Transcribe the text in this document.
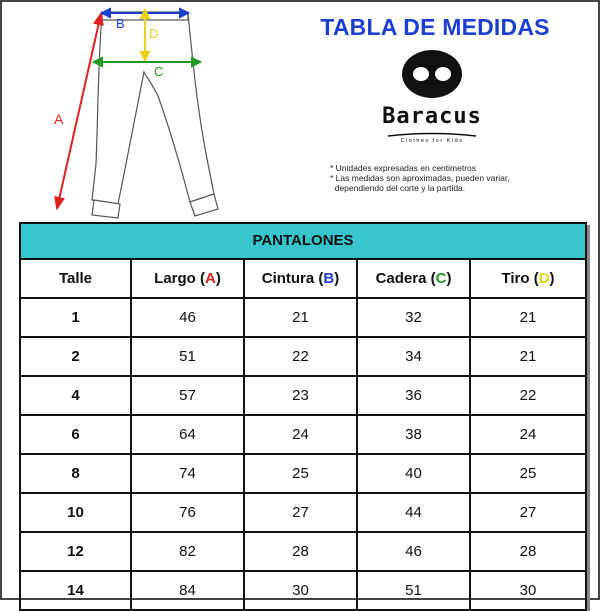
A
B
D
C
TABLA DE MEDIDAS
Baracus
Clothes for Kids
* Unidades expresadas en centimetros
* Las medidas son aproximadas, pueden variar,
dependiendo del corte y la partida.
PANTALONES
Talle	Largo (A)	Cintura (B)	Cadera (C)	Tiro (D)
1	46	21	32	21
2	51	22	34	21
4	57	23	36	22
6	64	24	38	24
8	74	25	40	25
10	76	27	44	27
12	82	28	46	28
14	84	30	51	30
